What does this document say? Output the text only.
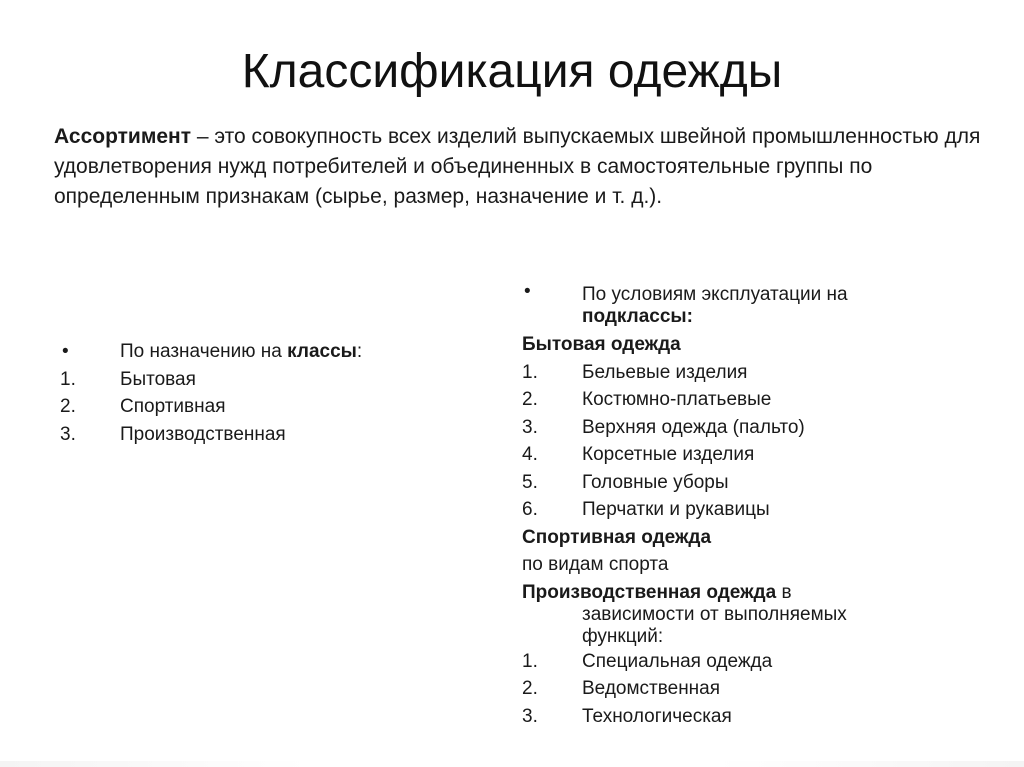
Классификация одежды
Ассортимент – это совокупность всех изделий выпускаемых швейной промышленностью для удовлетворения нужд потребителей и объединенных в самостоятельные группы по определенным признакам (сырье, размер, назначение и т. д.).
•	По назначению на классы:
1.	Бытовая
2.	Спортивная
3.	Производственная
•	По условиям эксплуатации на подклассы:
Бытовая одежда
1.	Бельевые изделия
2.	Костюмно-платьевые
3.	Верхняя одежда (пальто)
4.	Корсетные изделия
5.	Головные уборы
6.	Перчатки и рукавицы
Спортивная одежда
по видам спорта
Производственная одежда в
зависимости от выполняемых
функций:
1.	Специальная одежда
2.	Ведомственная
3.	Технологическая
